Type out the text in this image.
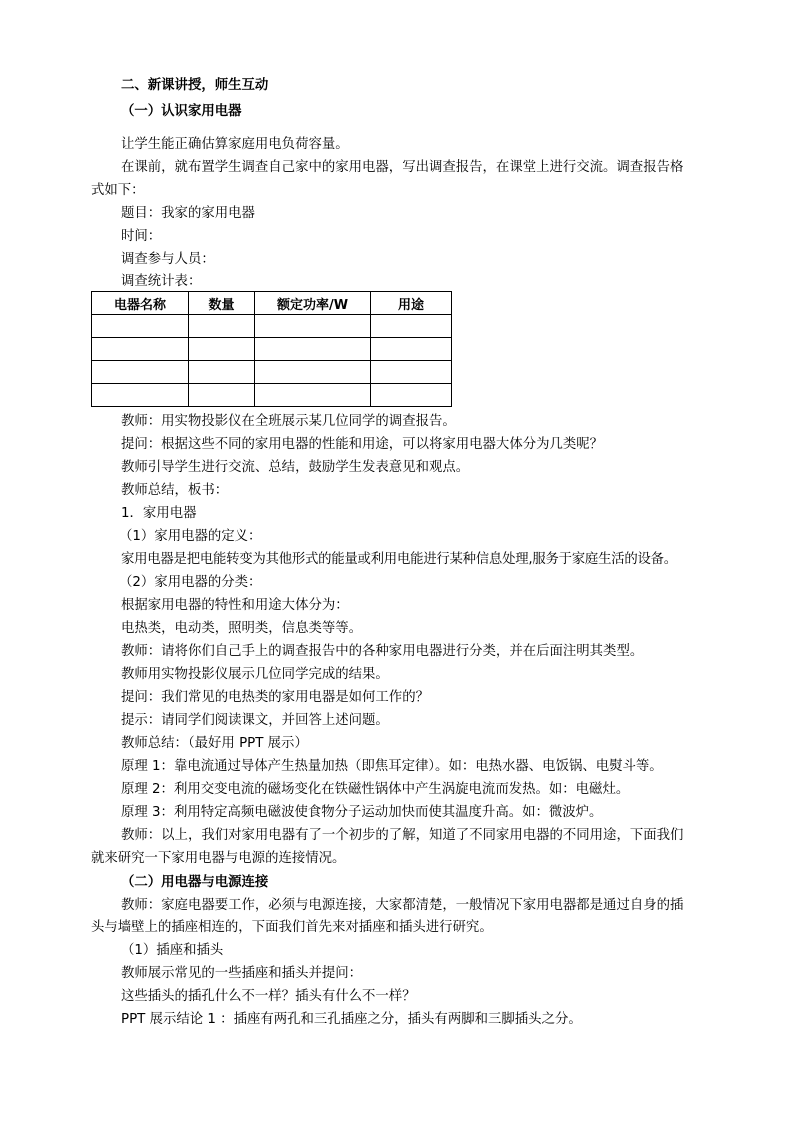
二、新课讲授，师生互动
（一）认识家用电器
让学生能正确估算家庭用电负荷容量。
在课前，就布置学生调查自己家中的家用电器，写出调查报告，在课堂上进行交流。调查报告格
式如下：
题目：我家的家用电器
时间：
调查参与人员：
调查统计表：
电器名称	数量	额定功率/W	用途

教师：用实物投影仪在全班展示某几位同学的调查报告。
提问：根据这些不同的家用电器的性能和用途，可以将家用电器大体分为几类呢？
教师引导学生进行交流、总结，鼓励学生发表意见和观点。
教师总结，板书：
1．家用电器
（1）家用电器的定义：
家用电器是把电能转变为其他形式的能量或利用电能进行某种信息处理,服务于家庭生活的设备。
（2）家用电器的分类：
根据家用电器的特性和用途大体分为：
电热类，电动类，照明类，信息类等等。
教师：请将你们自己手上的调查报告中的各种家用电器进行分类，并在后面注明其类型。
教师用实物投影仪展示几位同学完成的结果。
提问：我们常见的电热类的家用电器是如何工作的？
提示：请同学们阅读课文，并回答上述问题。
教师总结：（最好用 PPT 展示）
原理 1：靠电流通过导体产生热量加热（即焦耳定律）。如：电热水器、电饭锅、电熨斗等。
原理 2：利用交变电流的磁场变化在铁磁性锅体中产生涡旋电流而发热。如：电磁灶。
原理 3：利用特定高频电磁波使食物分子运动加快而使其温度升高。如：微波炉。
教师：以上，我们对家用电器有了一个初步的了解，知道了不同家用电器的不同用途，下面我们
就来研究一下家用电器与电源的连接情况。
（二）用电器与电源连接
教师：家庭电器要工作，必须与电源连接，大家都清楚，一般情况下家用电器都是通过自身的插
头与墙壁上的插座相连的，下面我们首先来对插座和插头进行研究。
（1）插座和插头
教师展示常见的一些插座和插头并提问：
这些插头的插孔什么不一样？插头有什么不一样？
PPT 展示结论 1 ：插座有两孔和三孔插座之分，插头有两脚和三脚插头之分。
